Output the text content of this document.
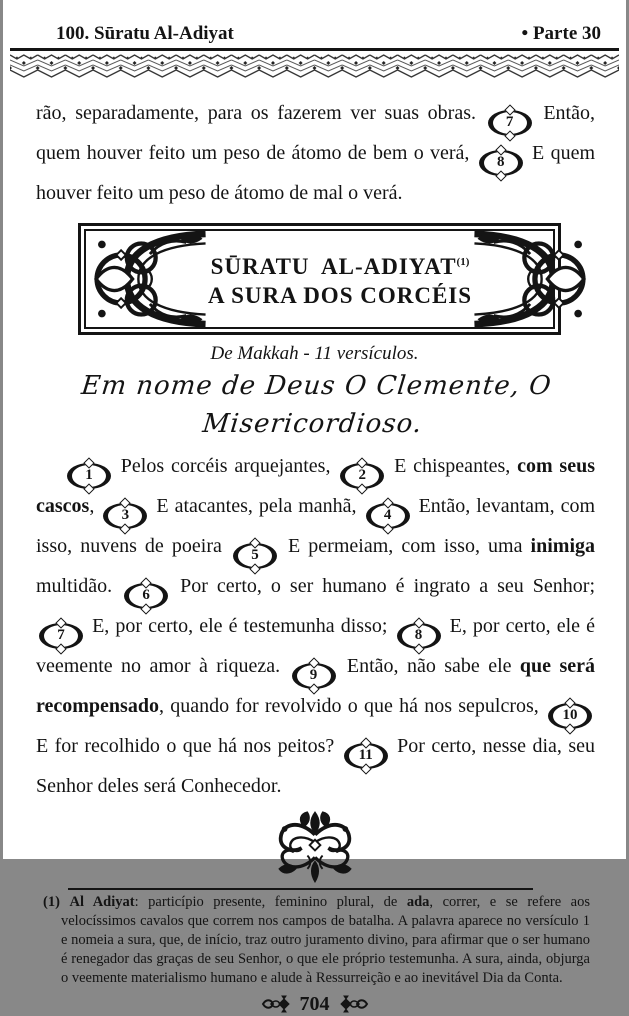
100. Sūratu Al-Adiyat	• Parte 30

rão, separadamente, para os fazerem ver suas obras.	7	Então, quem houver feito um peso de átomo de bem o verá,	8	E quem houver feito um peso de átomo de mal o verá.

SŪRATU AL-ADIYAT$^{(1)}$
A SURA DOS CORCÉIS
De Makkah - 11 versículos.
Em nome de Deus O Clemente, O Misericordioso.

1	Pelos corcéis arquejantes,	2	E chispeantes, com seus cascos,	3	E atacantes, pela manhã,	4	Então, levantam, com isso, nuvens de poeira	5	E permeiam, com isso, uma inimiga multidão.	6	Por certo, o ser humano é ingrato a seu Senhor;
7	E, por certo, ele é testemunha disso;	8	E, por certo, ele é veemente no amor à riqueza.	9	Então, não sabe ele que será recompensado, quando for revolvido o que há nos sepulcros,	10
E for recolhido o que há nos peitos?	11 Por certo, nesse dia, seu Senhor deles será Conhecedor.

(1) Al Adiyat: particípio presente, feminino plural, de ada, correr, e se refere aos velocíssimos cavalos que correm nos campos de batalha. A palavra aparece no versículo 1 e nomeia a sura, que, de início, traz outro juramento divino, para afirmar que o ser humano é renegador das graças de seu Senhor, o que ele próprio testemunha. A sura, ainda, objurga o veemente materialismo humano e alude à Ressurreição e ao inevitável Dia da Conta.

704
